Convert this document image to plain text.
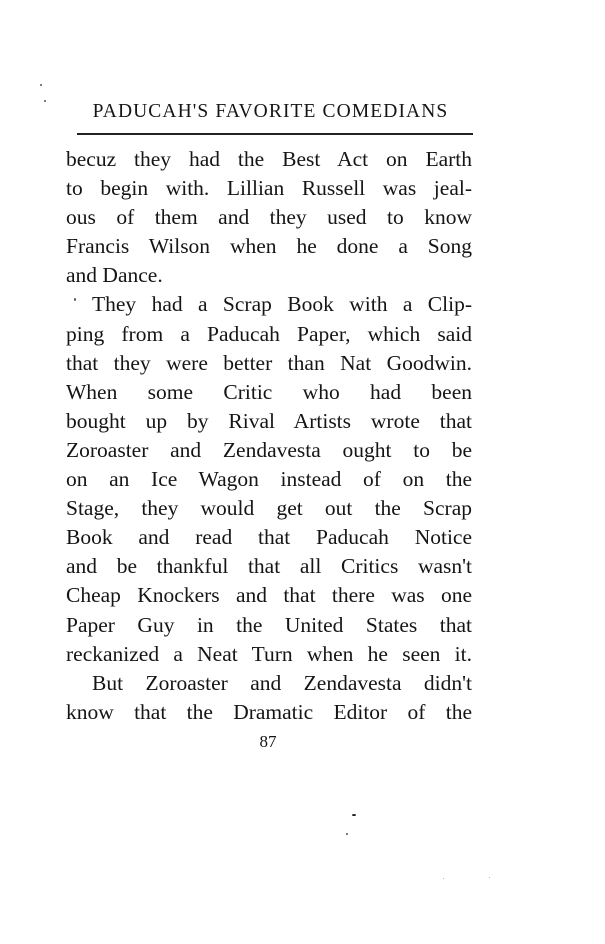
PADUCAH'S FAVORITE COMEDIANS
becuz they had the Best Act on Earth
to begin with. Lillian Russell was jeal-
ous of them and they used to know
Francis Wilson when he done a Song
and Dance.
They had a Scrap Book with a Clip-
ping from a Paducah Paper, which said
that they were better than Nat Goodwin.
When some Critic who had been
bought up by Rival Artists wrote that
Zoroaster and Zendavesta ought to be
on an Ice Wagon instead of on the
Stage, they would get out the Scrap
Book and read that Paducah Notice
and be thankful that all Critics wasn't
Cheap Knockers and that there was one
Paper Guy in the United States that
reckanized a Neat Turn when he seen it.
But Zoroaster and Zendavesta didn't
know that the Dramatic Editor of the
87
